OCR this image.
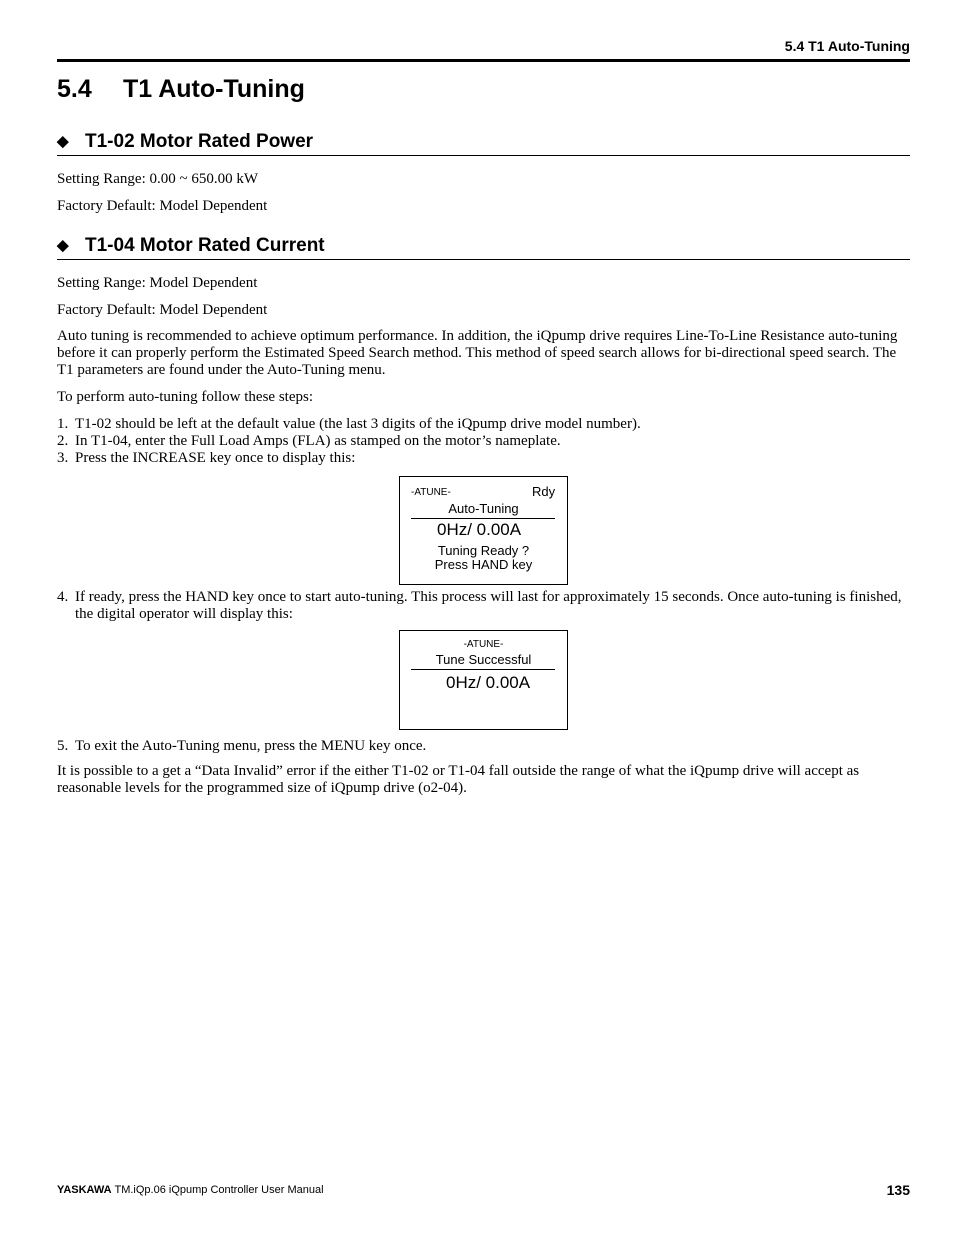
5.4 T1 Auto-Tuning
5.4 T1 Auto-Tuning
◆ T1-02 Motor Rated Power
Setting Range: 0.00 ~ 650.00 kW
Factory Default: Model Dependent
◆ T1-04 Motor Rated Current
Setting Range: Model Dependent
Factory Default: Model Dependent
Auto tuning is recommended to achieve optimum performance. In addition, the iQpump drive requires Line-To-Line Resistance auto-tuning before it can properly perform the Estimated Speed Search method. This method of speed search allows for bi-directional speed search. The T1 parameters are found under the Auto-Tuning menu.
To perform auto-tuning follow these steps:
1. T1-02 should be left at the default value (the last 3 digits of the iQpump drive model number).
2. In T1-04, enter the Full Load Amps (FLA) as stamped on the motor’s nameplate.
3. Press the INCREASE key once to display this:
-ATUNE-	Rdy
Auto-Tuning
0Hz/ 0.00A
Tuning Ready ?
Press HAND key
4. If ready, press the HAND key once to start auto-tuning. This process will last for approximately 15 seconds. Once auto-tuning is finished, the digital operator will display this:
-ATUNE-
Tune Successful
0Hz/ 0.00A
5. To exit the Auto-Tuning menu, press the MENU key once.
It is possible to a get a “Data Invalid” error if the either T1-02 or T1-04 fall outside the range of what the iQpump drive will accept as reasonable levels for the programmed size of iQpump drive (o2-04).
YASKAWA TM.iQp.06 iQpump Controller User Manual	135
